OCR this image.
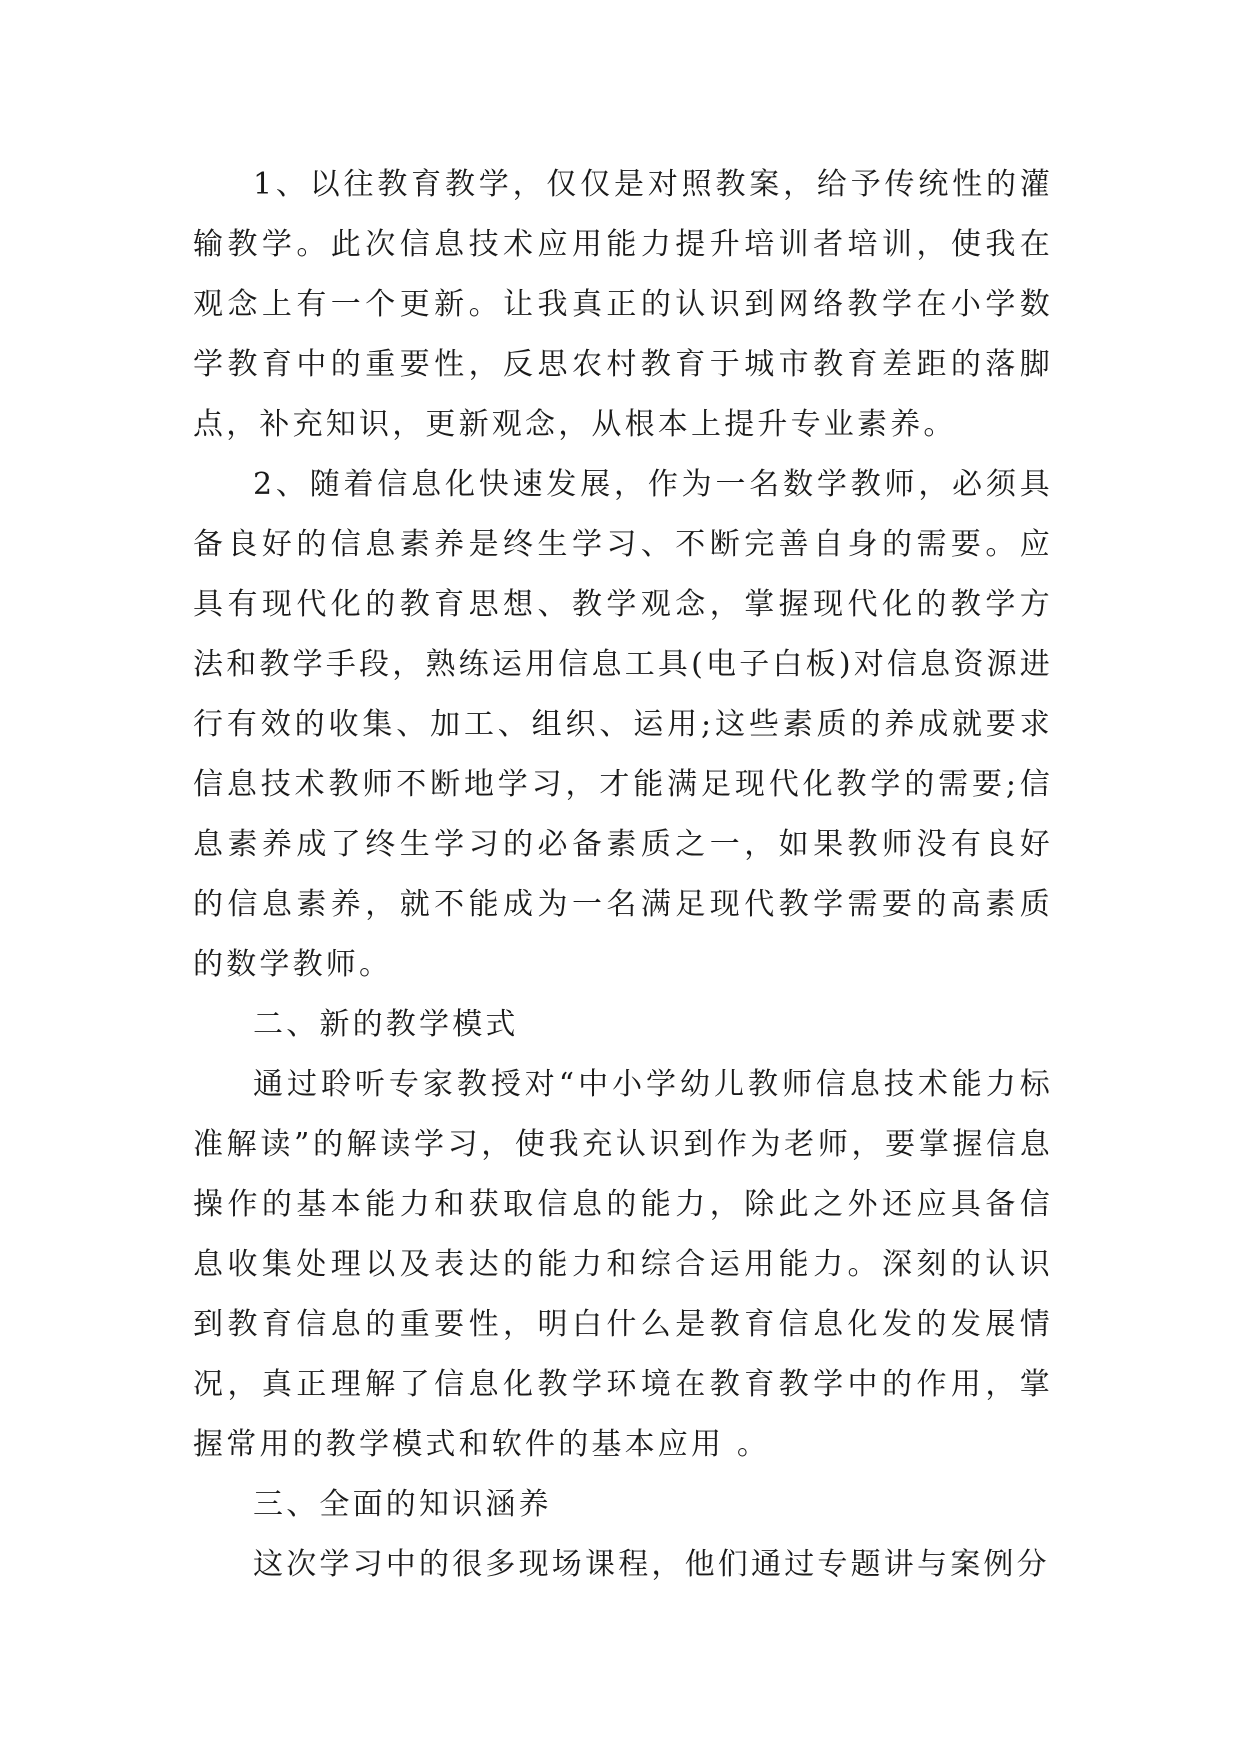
1、以往教育教学，仅仅是对照教案，给予传统性的灌输教学。此次信息技术应用能力提升培训者培训，使我在观念上有一个更新。让我真正的认识到网络教学在小学数学教育中的重要性，反思农村教育于城市教育差距的落脚点，补充知识，更新观念，从根本上提升专业素养。

2、随着信息化快速发展，作为一名数学教师，必须具备良好的信息素养是终生学习、不断完善自身的需要。应具有现代化的教育思想、教学观念，掌握现代化的教学方法和教学手段，熟练运用信息工具(电子白板)对信息资源进行有效的收集、加工、组织、运用;这些素质的养成就要求信息技术教师不断地学习，才能满足现代化教学的需要;信息素养成了终生学习的必备素质之一，如果教师没有良好的信息素养，就不能成为一名满足现代教学需要的高素质的数学教师。

二、新的教学模式

通过聆听专家教授对“中小学幼儿教师信息技术能力标准解读”的解读学习，使我充认识到作为老师，要掌握信息操作的基本能力和获取信息的能力，除此之外还应具备信息收集处理以及表达的能力和综合运用能力。深刻的认识到教育信息的重要性，明白什么是教育信息化发的发展情况，真正理解了信息化教学环境在教育教学中的作用，掌握常用的教学模式和软件的基本应用 。

三、全面的知识涵养

这次学习中的很多现场课程，他们通过专题讲与案例分
